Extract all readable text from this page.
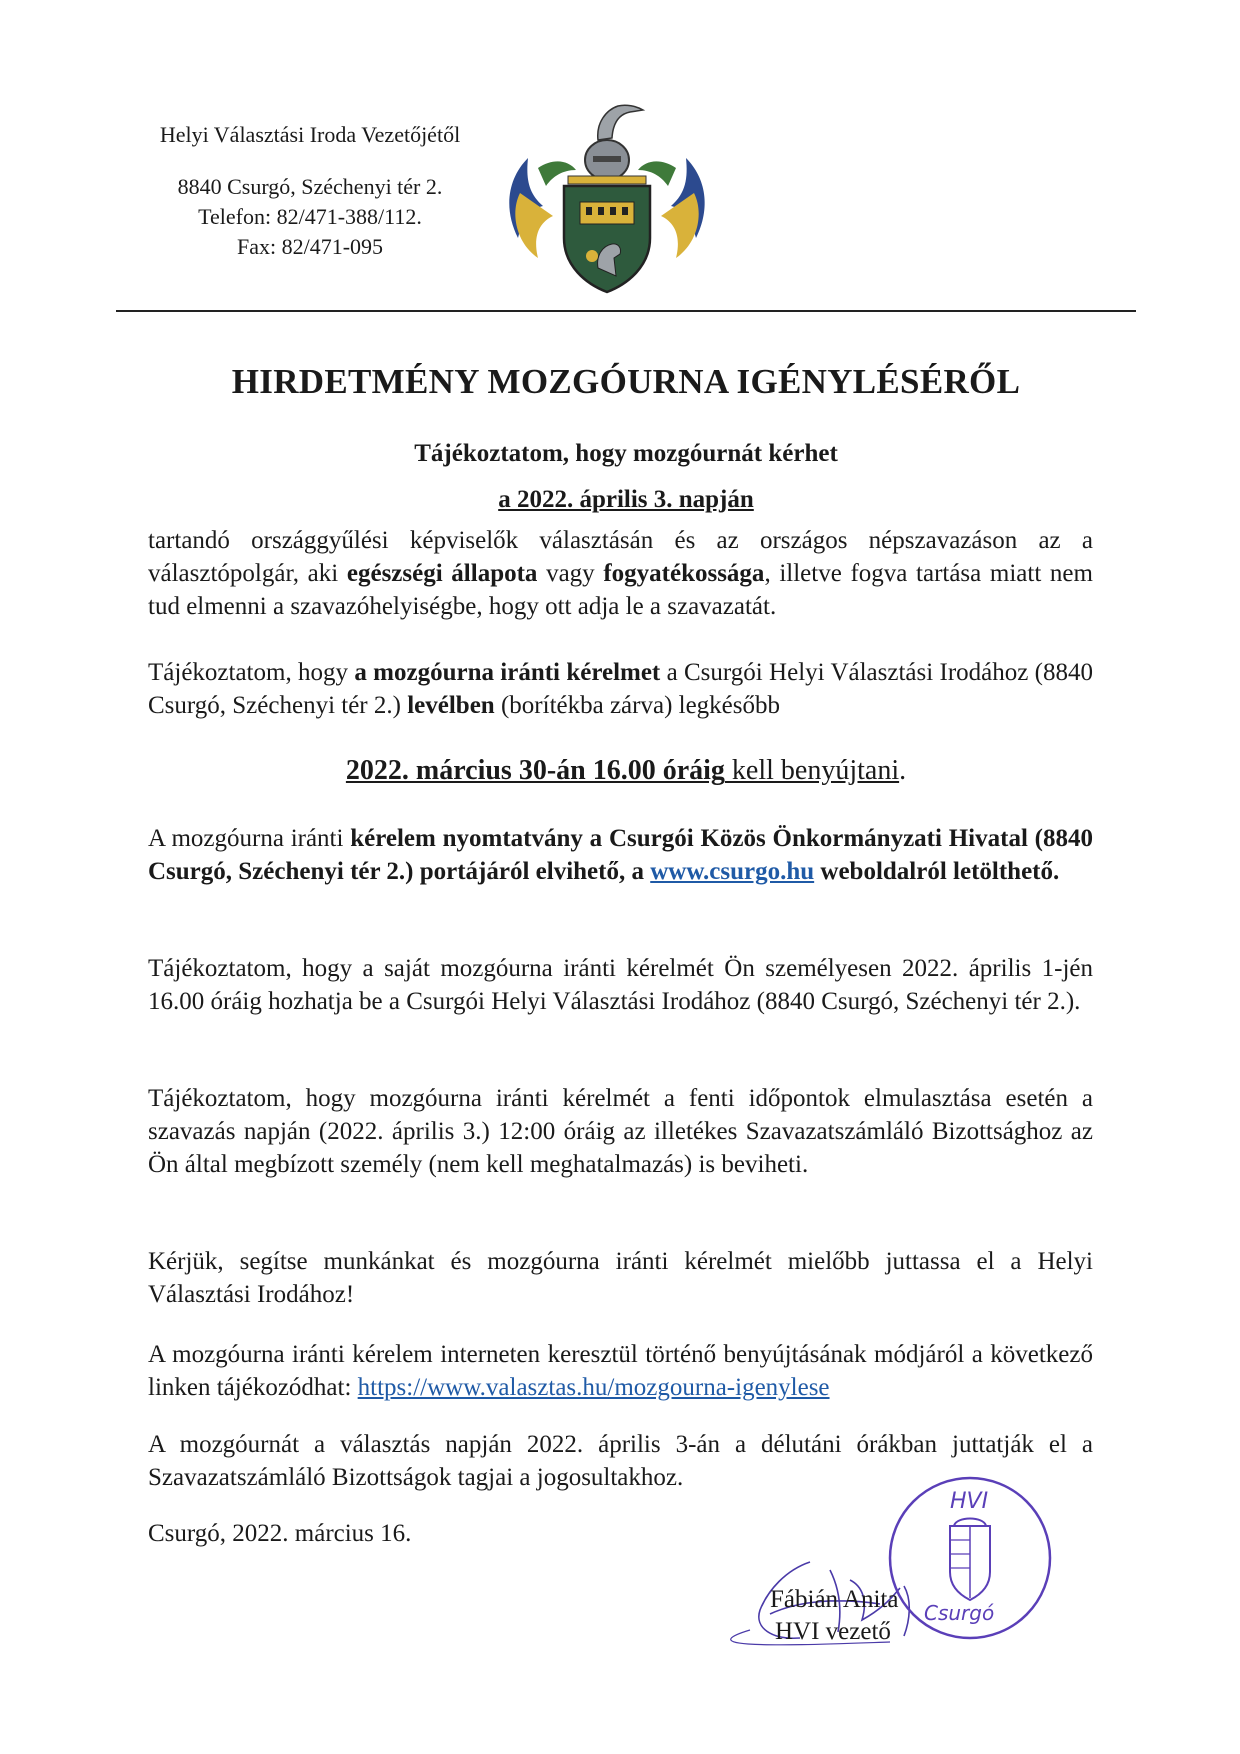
Helyi Választási Iroda Vezetőjétől
8840 Csurgó, Széchenyi tér 2.
Telefon: 82/471-388/112.
Fax: 82/471-095
HIRDETMÉNY MOZGÓURNA IGÉNYLÉSÉRŐL
Tájékoztatom, hogy mozgóurnát kérhet
a 2022. április 3. napján
tartandó országgyűlési képviselők választásán és az országos népszavazáson az a választópolgár, aki egészségi állapota vagy fogyatékossága, illetve fogva tartása miatt nem tud elmenni a szavazóhelyiségbe, hogy ott adja le a szavazatát.
Tájékoztatom, hogy a mozgóurna iránti kérelmet a Csurgói Helyi Választási Irodához (8840 Csurgó, Széchenyi tér 2.) levélben (borítékba zárva) legkésőbb
2022. március 30-án 16.00 óráig kell benyújtani.
A mozgóurna iránti kérelem nyomtatvány a Csurgói Közös Önkormányzati Hivatal (8840 Csurgó, Széchenyi tér 2.) portájáról elvihető, a www.csurgo.hu weboldalról letölthető.
Tájékoztatom, hogy a saját mozgóurna iránti kérelmét Ön személyesen 2022. április 1-jén 16.00 óráig hozhatja be a Csurgói Helyi Választási Irodához (8840 Csurgó, Széchenyi tér 2.).
Tájékoztatom, hogy mozgóurna iránti kérelmét a fenti időpontok elmulasztása esetén a szavazás napján (2022. április 3.) 12:00 óráig az illetékes Szavazatszámláló Bizottsághoz az Ön által megbízott személy (nem kell meghatalmazás) is beviheti.
Kérjük, segítse munkánkat és mozgóurna iránti kérelmét mielőbb juttassa el a Helyi Választási Irodához!
A mozgóurna iránti kérelem interneten keresztül történő benyújtásának módjáról a következő linken tájékozódhat: https://www.valasztas.hu/mozgourna-igenylese
A mozgóurnát a választás napján 2022. április 3-án a délutáni órákban juttatják el a Szavazatszámláló Bizottságok tagjai a jogosultakhoz.
Csurgó, 2022. március 16.
Fábián Anita
HVI vezető
HVI
Csurgó
